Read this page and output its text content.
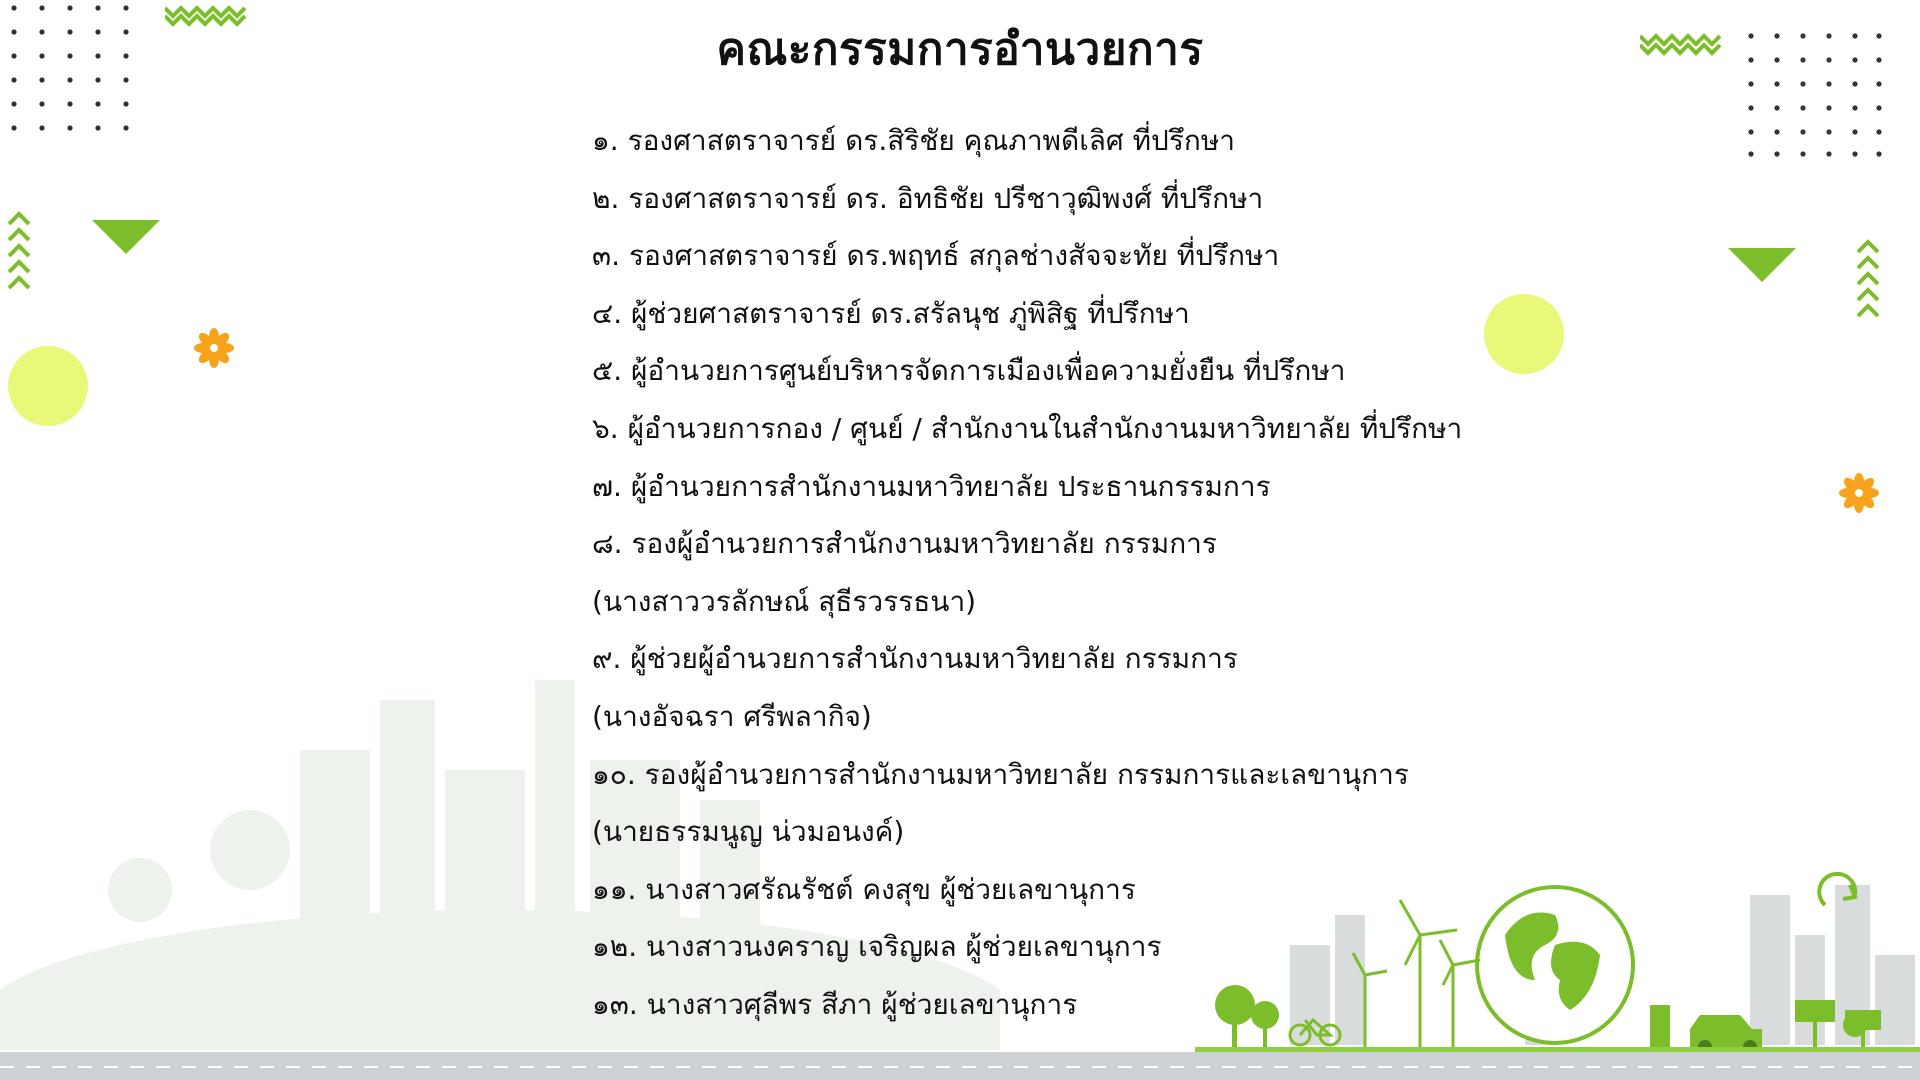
คณะกรรมการอำนวยการ
๑. รองศาสตราจารย์ ดร.สิริชัย คุณภาพดีเลิศ ที่ปรึกษา
๒. รองศาสตราจารย์ ดร. อิทธิชัย ปรีชาวุฒิพงศ์ ที่ปรึกษา
๓. รองศาสตราจารย์ ดร.พฤทธ์ สกุลช่างสัจจะทัย ที่ปรึกษา
๔. ผู้ช่วยศาสตราจารย์ ดร.สรัลนุช ภู่พิสิฐ ที่ปรึกษา
๕. ผู้อำนวยการศูนย์บริหารจัดการเมืองเพื่อความยั่งยืน ที่ปรึกษา
๖. ผู้อำนวยการกอง / ศูนย์ / สำนักงานในสำนักงานมหาวิทยาลัย ที่ปรึกษา
๗. ผู้อำนวยการสำนักงานมหาวิทยาลัย ประธานกรรมการ
๘. รองผู้อำนวยการสำนักงานมหาวิทยาลัย กรรมการ
(นางสาววรลักษณ์ สุธีรวรรธนา)
๙. ผู้ช่วยผู้อำนวยการสำนักงานมหาวิทยาลัย กรรมการ
(นางอัจฉรา ศรีพลากิจ)
๑๐. รองผู้อำนวยการสำนักงานมหาวิทยาลัย กรรมการและเลขานุการ
(นายธรรมนูญ น่วมอนงค์)
๑๑. นางสาวศรัณรัชต์ คงสุข ผู้ช่วยเลขานุการ
๑๒. นางสาวนงคราญ เจริญผล ผู้ช่วยเลขานุการ
๑๓. นางสาวศุลีพร สีภา ผู้ช่วยเลขานุการ
